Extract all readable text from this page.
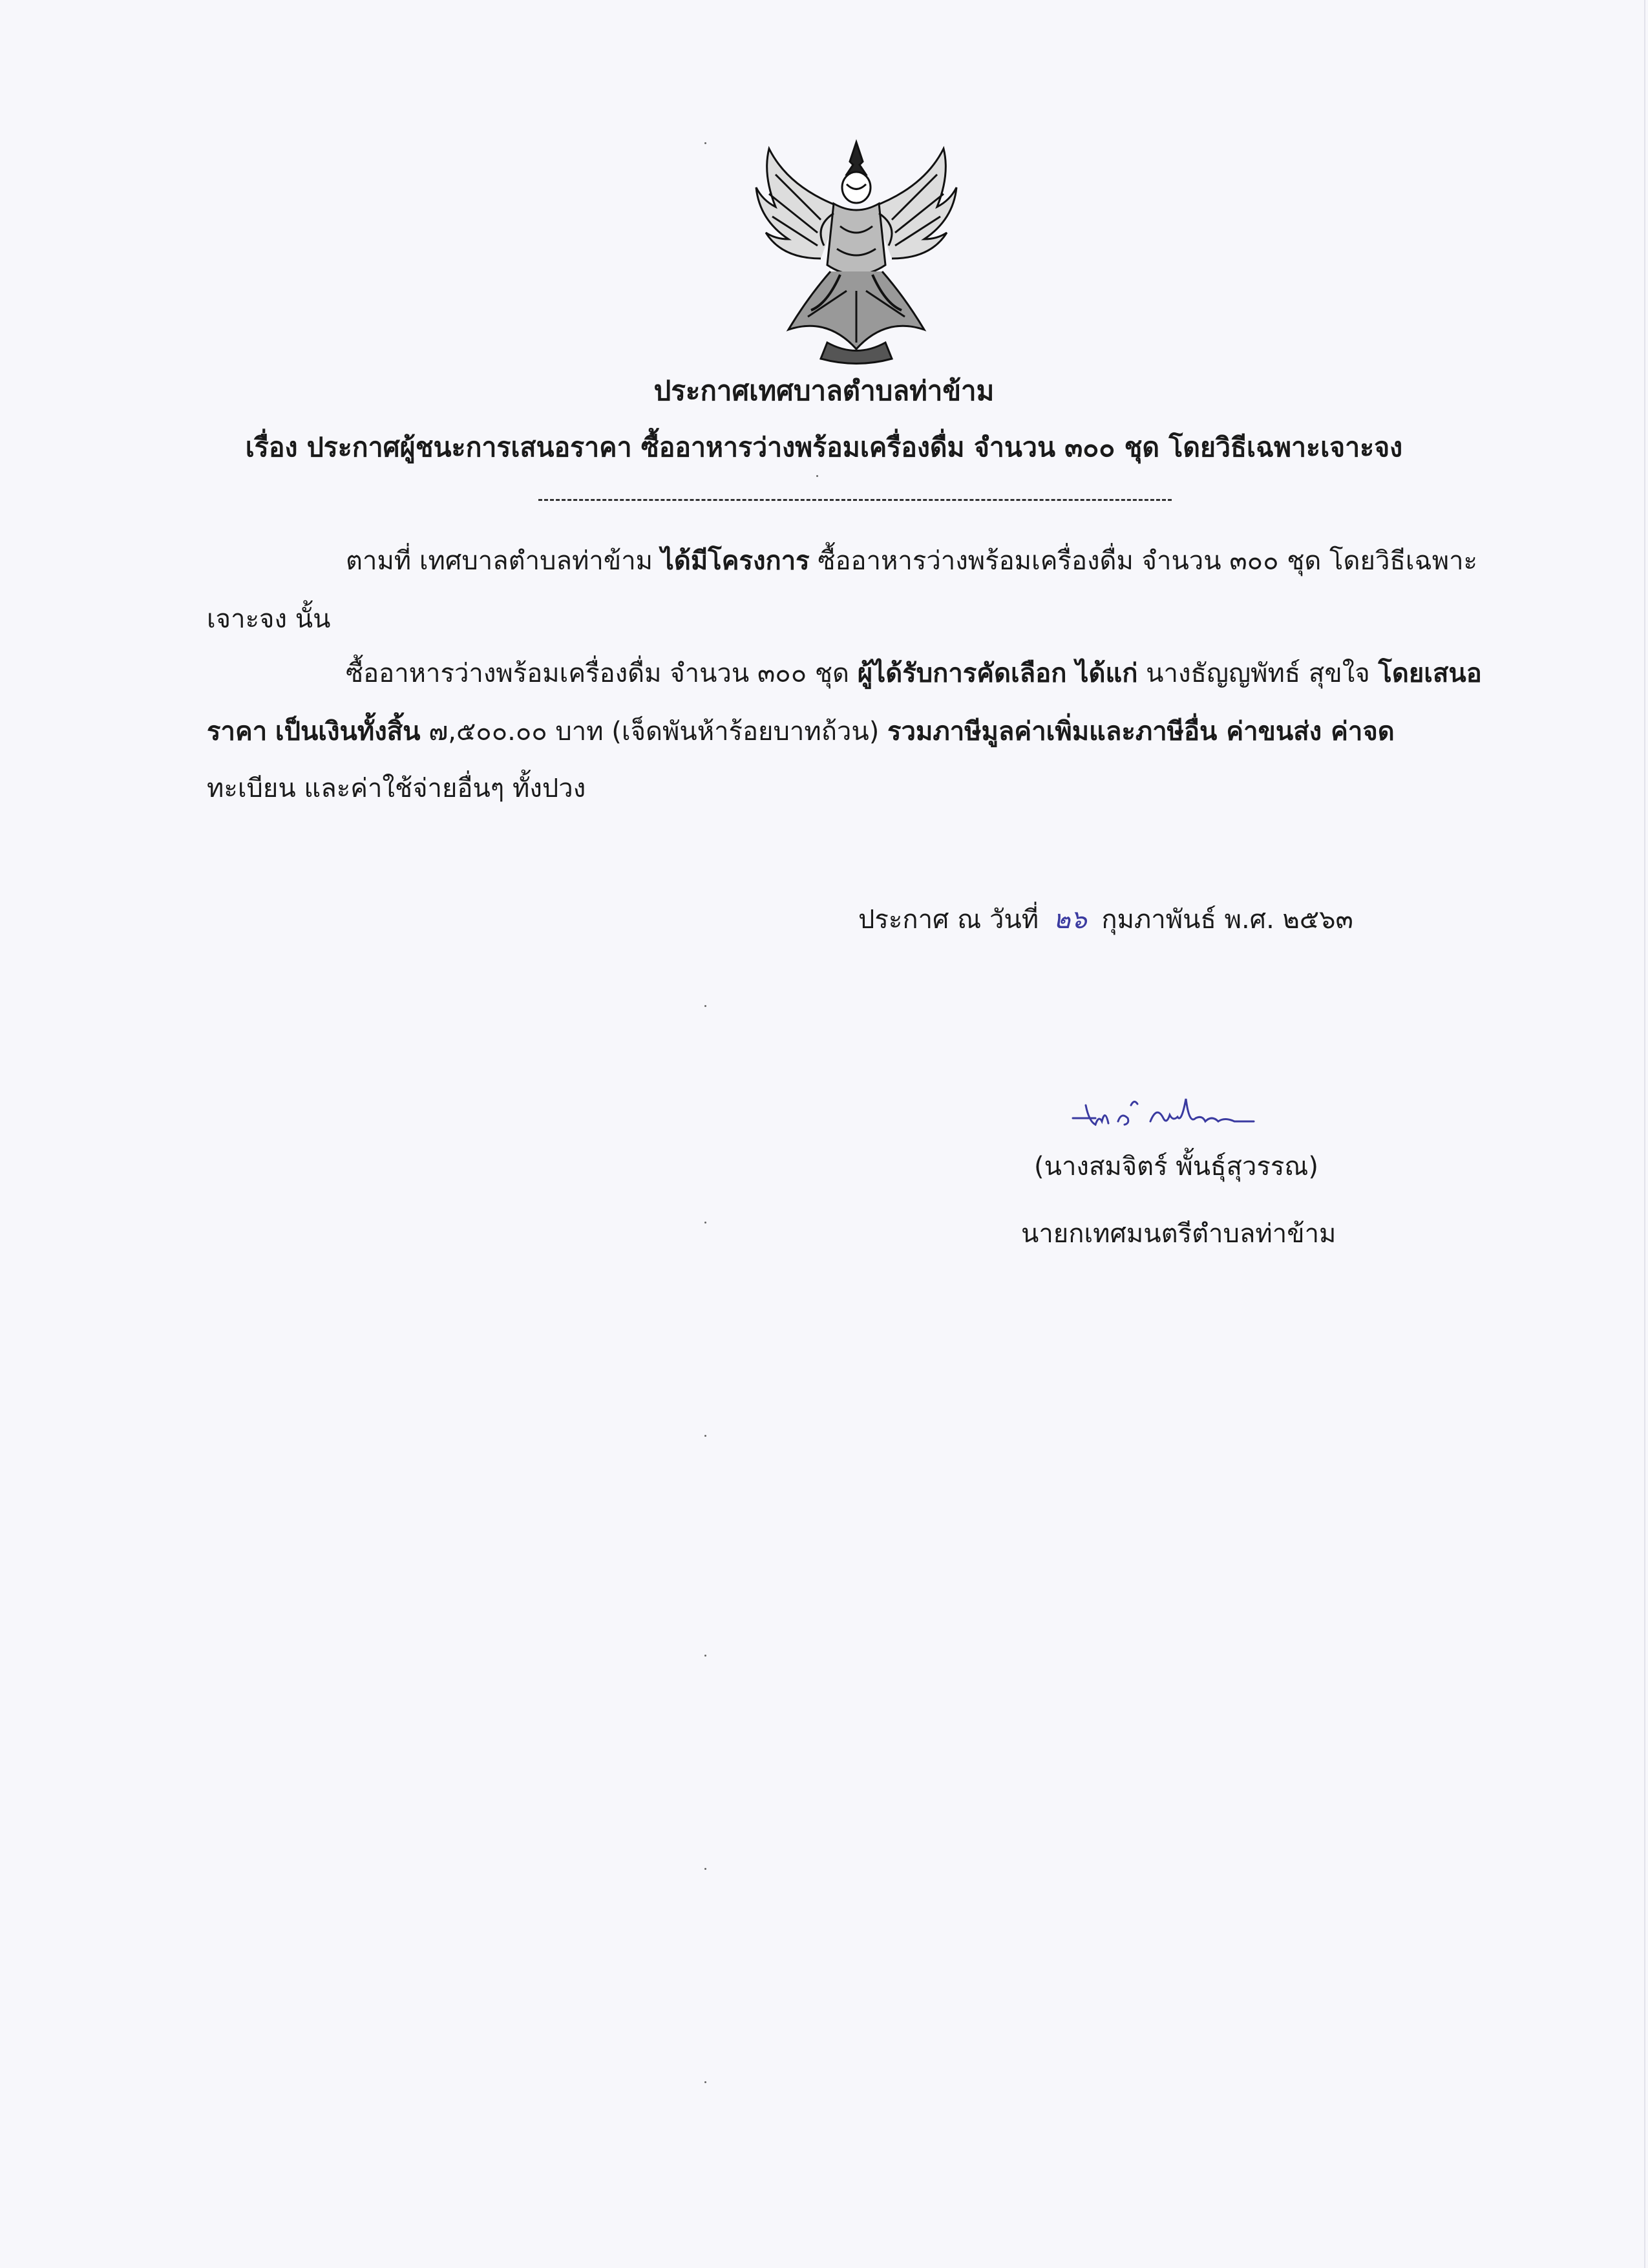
ประกาศเทศบาลตำบลท่าข้าม
เรื่อง ประกาศผู้ชนะการเสนอราคา ซื้ออาหารว่างพร้อมเครื่องดื่ม จำนวน ๓๐๐ ชุด โดยวิธีเฉพาะเจาะจง
ตามที่ เทศบาลตำบลท่าข้าม ได้มีโครงการ ซื้ออาหารว่างพร้อมเครื่องดื่ม จำนวน ๓๐๐ ชุด โดยวิธีเฉพาะ
เจาะจง นั้น
ซื้ออาหารว่างพร้อมเครื่องดื่ม จำนวน ๓๐๐ ชุด ผู้ได้รับการคัดเลือก ได้แก่ นางธัญญพัทธ์ สุขใจ โดยเสนอ
ราคา เป็นเงินทั้งสิ้น ๗,๕๐๐.๐๐ บาท (เจ็ดพันห้าร้อยบาทถ้วน) รวมภาษีมูลค่าเพิ่มและภาษีอื่น ค่าขนส่ง ค่าจด
ทะเบียน และค่าใช้จ่ายอื่นๆ ทั้งปวง
ประกาศ ณ วันที่ ๒๖ กุมภาพันธ์ พ.ศ. ๒๕๖๓
(นางสมจิตร์ พั้นธุ์สุวรรณ)
นายกเทศมนตรีตำบลท่าข้าม
